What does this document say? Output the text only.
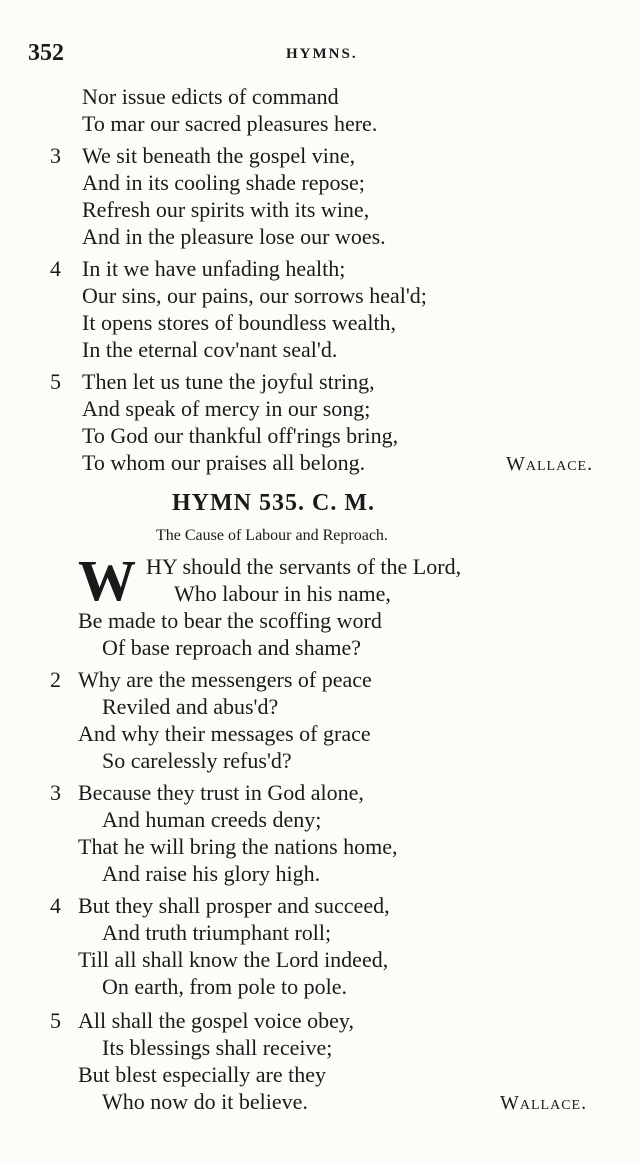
352	HYMNS.
Nor issue edicts of command
To mar our sacred pleasures here.
3 We sit beneath the gospel vine,
And in its cooling shade repose;
Refresh our spirits with its wine,
And in the pleasure lose our woes.
4 In it we have unfading health;
Our sins, our pains, our sorrows heal'd;
It opens stores of boundless wealth,
In the eternal cov'nant seal'd.
5 Then let us tune the joyful string,
And speak of mercy in our song;
To God our thankful off'rings bring,
To whom our praises all belong.	Wallace.
HYMN 535. C. M.
The Cause of Labour and Reproach.
W HY should the servants of the Lord,
Who labour in his name,
Be made to bear the scoffing word
Of base reproach and shame?
2 Why are the messengers of peace
Reviled and abus'd?
And why their messages of grace
So carelessly refus'd?
3 Because they trust in God alone,
And human creeds deny;
That he will bring the nations home,
And raise his glory high.
4 But they shall prosper and succeed,
And truth triumphant roll;
Till all shall know the Lord indeed,
On earth, from pole to pole.
5 All shall the gospel voice obey,
Its blessings shall receive;
But blest especially are they
Who now do it believe.	Wallace.
